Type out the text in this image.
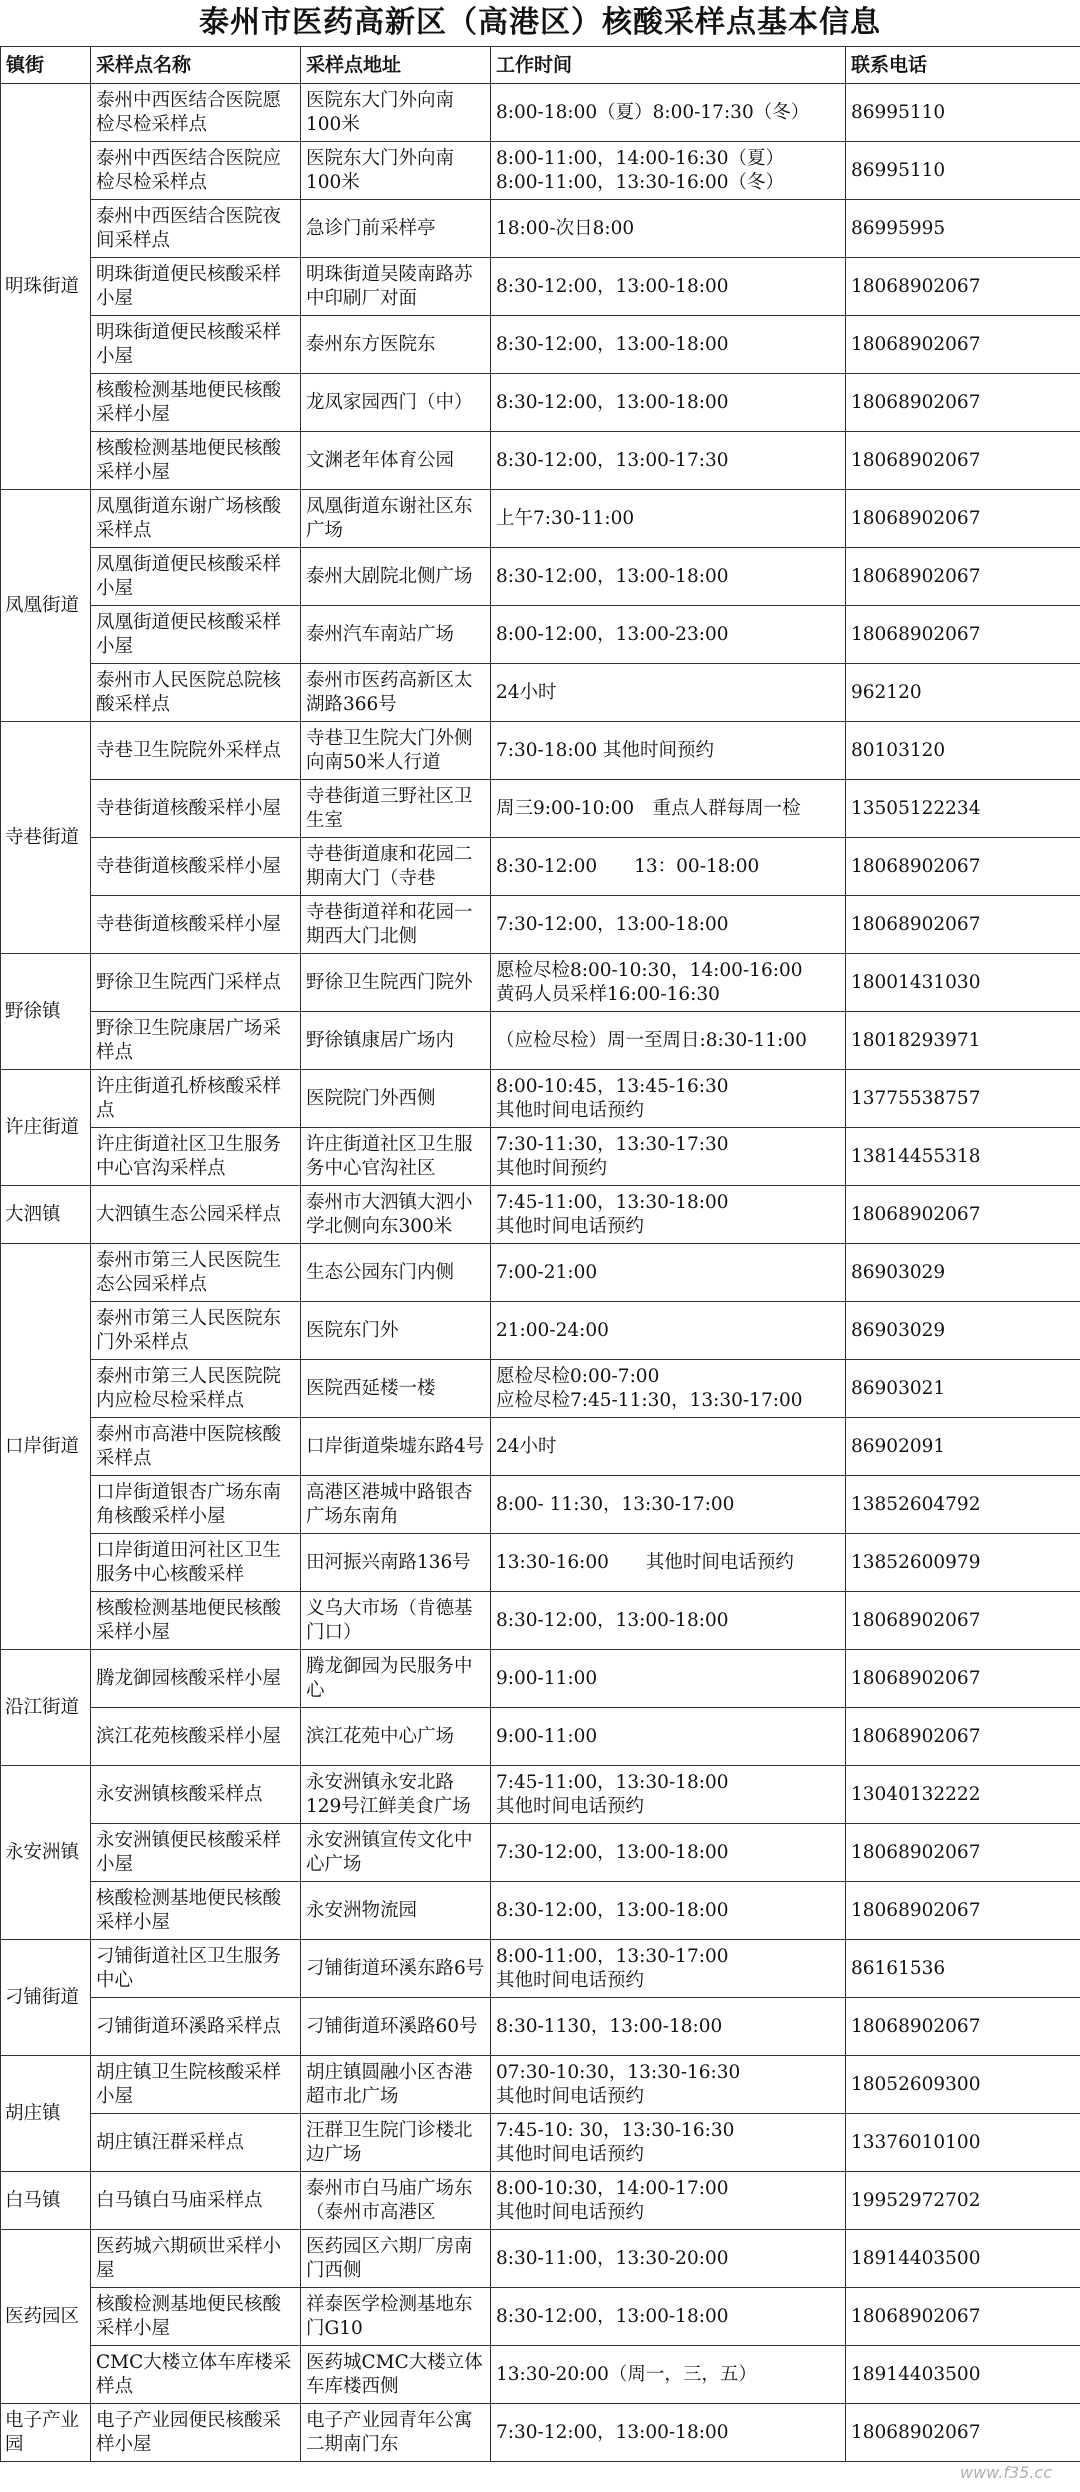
泰州市医药高新区（高港区）核酸采样点基本信息
镇街	采样点名称	采样点地址	工作时间	联系电话
明珠街道	泰州中西医结合医院愿检尽检采样点	医院东大门外向南100米	8:00-18:00（夏）8:00-17:30（冬）	86995110

	泰州中西医结合医院应检尽检采样点	医院东大门外向南100米	8:00-11:00，14:00-16:30（夏）
8:00-11:00，13:30-16:00（冬）	86995110

	泰州中西医结合医院夜间采样点	急诊门前采样亭	18:00-次日8:00	86995995

	明珠街道便民核酸采样小屋	明珠街道吴陵南路苏中印刷厂对面	8:30-12:00，13:00-18:00	18068902067

	明珠街道便民核酸采样小屋	泰州东方医院东	8:30-12:00，13:00-18:00	18068902067

	核酸检测基地便民核酸采样小屋	龙凤家园西门（中）	8:30-12:00，13:00-18:00	18068902067

	核酸检测基地便民核酸采样小屋	文渊老年体育公园	8:30-12:00，13:00-17:30	18068902067

凤凰街道	凤凰街道东谢广场核酸采样点	凤凰街道东谢社区东广场	上午7:30-11:00	18068902067

	凤凰街道便民核酸采样小屋	泰州大剧院北侧广场	8:30-12:00，13:00-18:00	18068902067

	凤凰街道便民核酸采样小屋	泰州汽车南站广场	8:00-12:00，13:00-23:00	18068902067

	泰州市人民医院总院核酸采样点	泰州市医药高新区太湖路366号	24小时	962120

寺巷街道	寺巷卫生院院外采样点	寺巷卫生院大门外侧向南50米人行道	7:30-18:00 其他时间预约	80103120

	寺巷街道核酸采样小屋	寺巷街道三野社区卫生室	周三9:00-10:00　重点人群每周一检	13505122234

	寺巷街道核酸采样小屋	寺巷街道康和花园二期南大门（寺巷	8:30-12:00　　13：00-18:00	18068902067

	寺巷街道核酸采样小屋	寺巷街道祥和花园一期西大门北侧	7:30-12:00，13:00-18:00	18068902067

野徐镇	野徐卫生院西门采样点	野徐卫生院西门院外	愿检尽检8:00-10:30，14:00-16:00
黄码人员采样16:00-16:30	18001431030

	野徐卫生院康居广场采样点	野徐镇康居广场内	（应检尽检）周一至周日:8:30-11:00	18018293971

许庄街道	许庄街道孔桥核酸采样点	医院院门外西侧	8:00-10:45，13:45-16:30
其他时间电话预约	13775538757

	许庄街道社区卫生服务中心官沟采样点	许庄街道社区卫生服务中心官沟社区	7:30-11:30，13:30-17:30
其他时间预约	13814455318

大泗镇	大泗镇生态公园采样点	泰州市大泗镇大泗小学北侧向东300米	7:45-11:00，13:30-18:00
其他时间电话预约	18068902067

口岸街道	泰州市第三人民医院生态公园采样点	生态公园东门内侧	7:00-21:00	86903029

	泰州市第三人民医院东门外采样点	医院东门外	21:00-24:00	86903029

	泰州市第三人民医院院内应检尽检采样点	医院西延楼一楼	愿检尽检0:00-7:00
应检尽检7:45-11:30，13:30-17:00	86903021

	泰州市高港中医院核酸采样点	口岸街道柴墟东路4号	24小时	86902091

	口岸街道银杏广场东南角核酸采样小屋	高港区港城中路银杏广场东南角	8:00- 11:30，13:30-17:00	13852604792

	口岸街道田河社区卫生服务中心核酸采样	田河振兴南路136号	13:30-16:00　　其他时间电话预约	13852600979

	核酸检测基地便民核酸采样小屋	义乌大市场（肯德基门口）	8:30-12:00，13:00-18:00	18068902067

沿江街道	腾龙御园核酸采样小屋	腾龙御园为民服务中心	9:00-11:00	18068902067

	滨江花苑核酸采样小屋	滨江花苑中心广场	9:00-11:00	18068902067

永安洲镇	永安洲镇核酸采样点	永安洲镇永安北路129号江鲜美食广场	7:45-11:00，13:30-18:00
其他时间电话预约	13040132222

	永安洲镇便民核酸采样小屋	永安洲镇宣传文化中心广场	7:30-12:00，13:00-18:00	18068902067

	核酸检测基地便民核酸采样小屋	永安洲物流园	8:30-12:00，13:00-18:00	18068902067

刁铺街道	刁铺街道社区卫生服务中心	刁铺街道环溪东路6号	8:00-11:00，13:30-17:00
其他时间电话预约	86161536

	刁铺街道环溪路采样点	刁铺街道环溪路60号	8:30-1130，13:00-18:00	18068902067

胡庄镇	胡庄镇卫生院核酸采样小屋	胡庄镇圆融小区杏港超市北广场	07:30-10:30，13:30-16:30
其他时间电话预约	18052609300

	胡庄镇汪群采样点	汪群卫生院门诊楼北边广场	7:45-10: 30，13:30-16:30
其他时间电话预约	13376010100

白马镇	白马镇白马庙采样点	泰州市白马庙广场东（泰州市高港区	8:00-10:30，14:00-17:00
其他时间电话预约	19952972702

医药园区	医药城六期硕世采样小屋	医药园区六期厂房南门西侧	8:30-11:00，13:30-20:00	18914403500

	核酸检测基地便民核酸采样小屋	祥泰医学检测基地东门G10	8:30-12:00，13:00-18:00	18068902067

	CMC大楼立体车库楼采样点	医药城CMC大楼立体车库楼西侧	13:30-20:00（周一，三，五）	18914403500

电子产业园	电子产业园便民核酸采样小屋	电子产业园青年公寓二期南门东	7:30-12:00，13:00-18:00	18068902067
www.f35.cc
